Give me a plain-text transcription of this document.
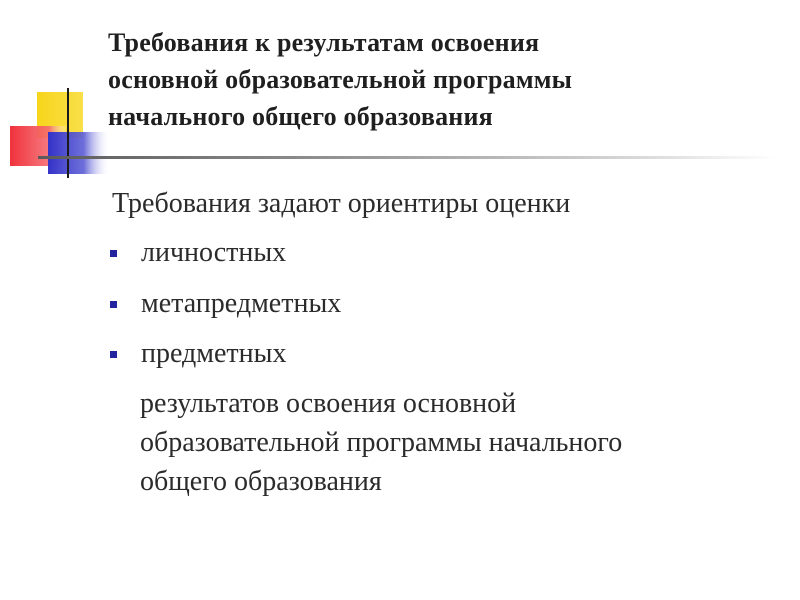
Требования к результатам освоения
основной образовательной программы
начального общего образования

Требования задают ориентиры оценки

личностных
метапредметных
предметных

результатов освоения основной
образовательной программы начального
общего образования
